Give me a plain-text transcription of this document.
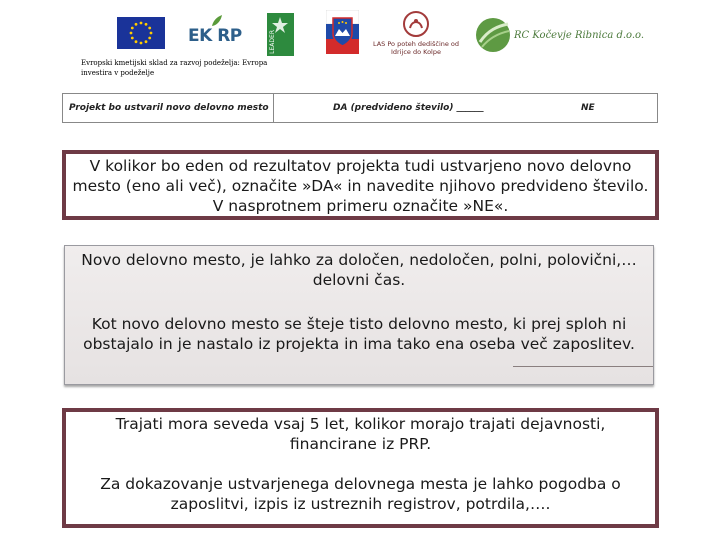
EK RP	LEADER	LAS Po poteh dediščine od Idrijce do Kolpe
RC Kočevje Ribnica d.o.o.
Evropski kmetijski sklad za razvoj podeželja: Evropa investira v podeželje
Projekt bo ustvaril novo delovno mesto	DA (predvideno število) ______	NE

V kolikor bo eden od rezultatov projekta tudi ustvarjeno novo delovno mesto (eno ali več), označite »DA« in navedite njihovo predvideno število. V nasprotnem primeru označite »NE«.

Novo delovno mesto, je lahko za določen, nedoločen, polni, polovični,… delovni čas.

Kot novo delovno mesto se šteje tisto delovno mesto, ki prej sploh ni obstajalo in je nastalo iz projekta in ima tako ena oseba več zaposlitev.

Trajati mora seveda vsaj 5 let, kolikor morajo trajati dejavnosti, financirane iz PRP.

Za dokazovanje ustvarjenega delovnega mesta je lahko pogodba o zaposlitvi, izpis iz ustreznih registrov, potrdila,….
